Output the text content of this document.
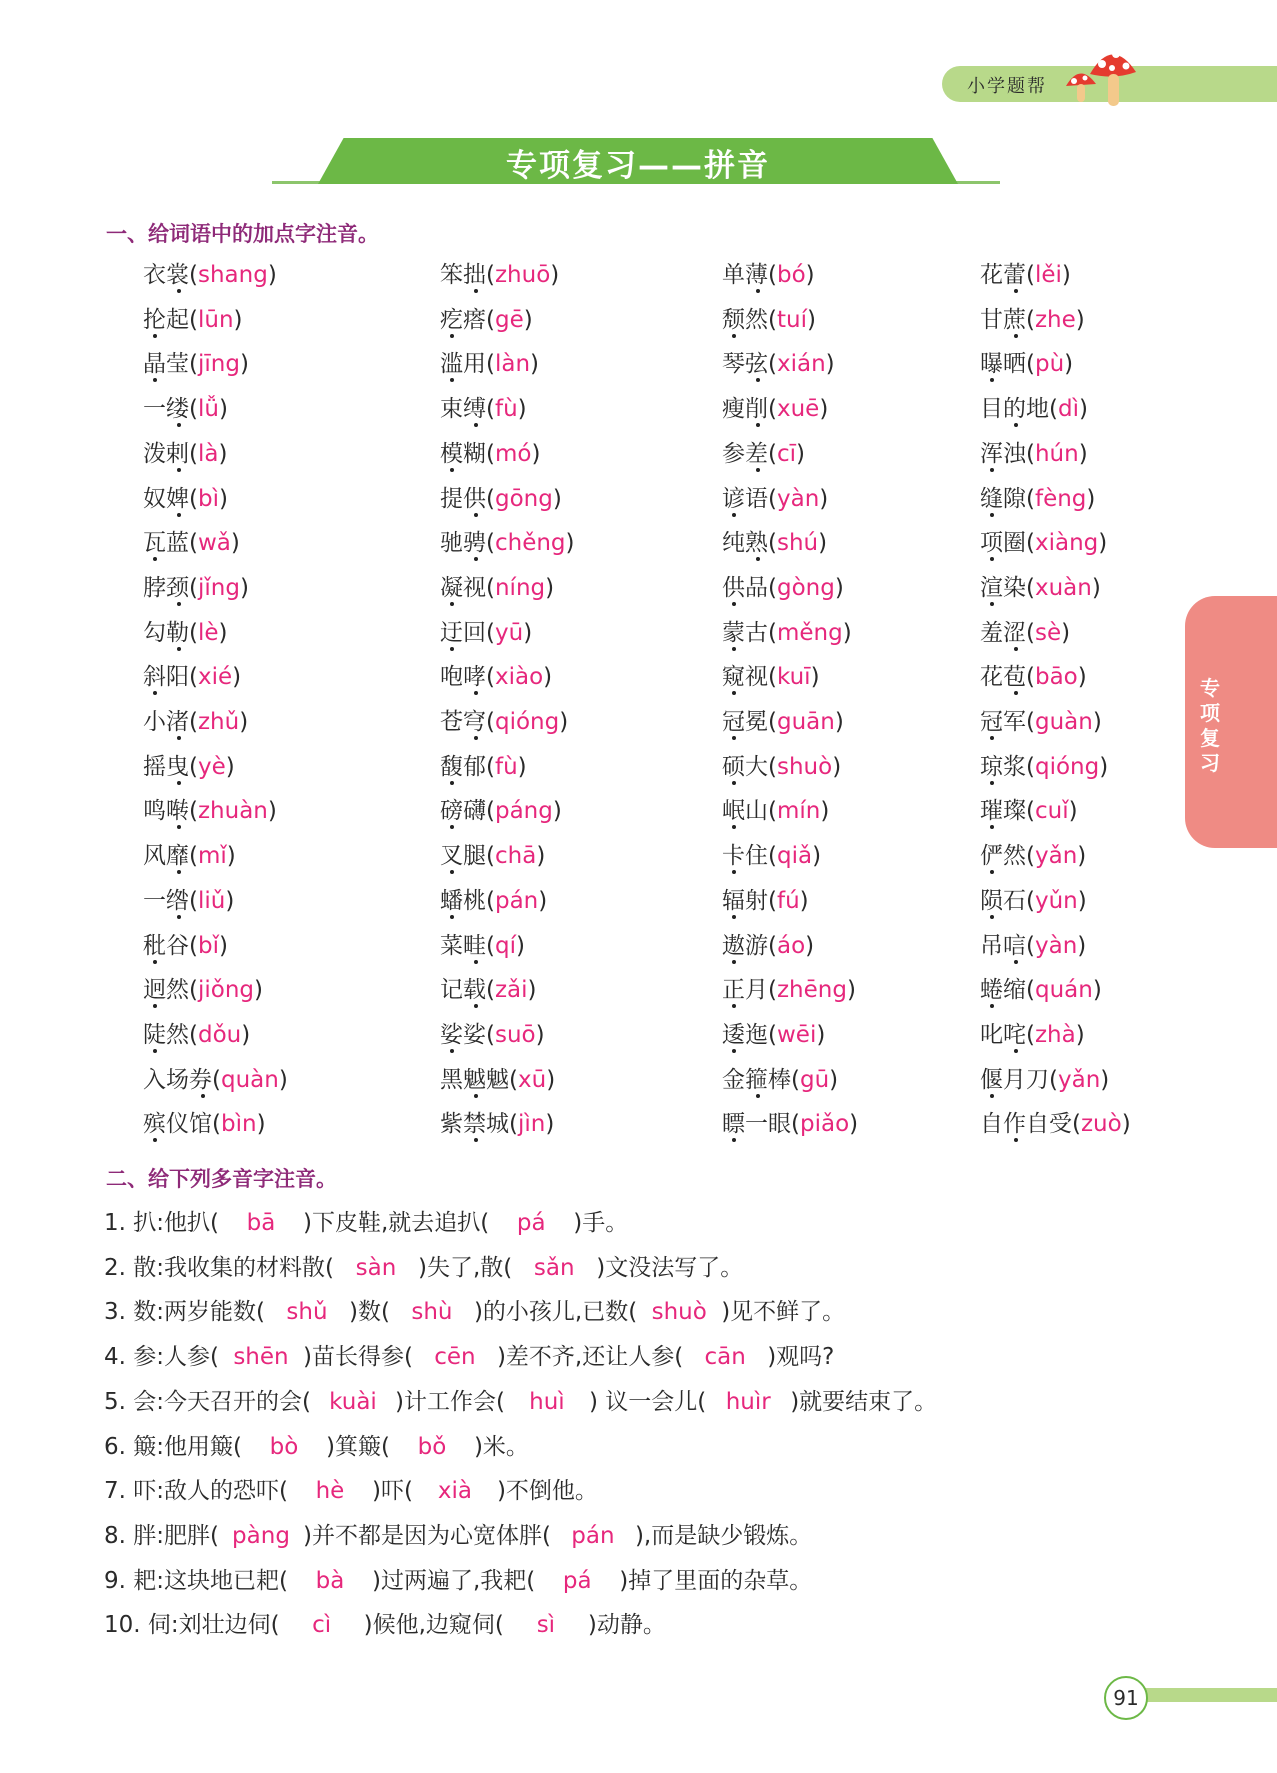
小学题帮
专项复习——拼音
专项复习
一、给词语中的加点字注音。
衣裳(shang)
抡起(lūn)
晶莹(jīng)
一缕(lǚ)
泼剌(là)
奴婢(bì)
瓦蓝(wǎ)
脖颈(jǐng)
勾勒(lè)
斜阳(xié)
小渚(zhǔ)
摇曳(yè)
鸣啭(zhuàn)
风靡(mǐ)
一绺(liǔ)
秕谷(bǐ)
迥然(jiǒng)
陡然(dǒu)
入场券(quàn)
殡仪馆(bìn)
笨拙(zhuō)
疙瘩(gē)
滥用(làn)
束缚(fù)
模糊(mó)
提供(gōng)
驰骋(chěng)
凝视(níng)
迂回(yū)
咆哮(xiào)
苍穹(qióng)
馥郁(fù)
磅礴(páng)
叉腿(chā)
蟠桃(pán)
菜畦(qí)
记载(zǎi)
娑娑(suō)
黑魆魆(xū)
紫禁城(jìn)
单薄(bó)
颓然(tuí)
琴弦(xián)
瘦削(xuē)
参差(cī)
谚语(yàn)
纯熟(shú)
供品(gòng)
蒙古(měng)
窥视(kuī)
冠冕(guān)
硕大(shuò)
岷山(mín)
卡住(qiǎ)
辐射(fú)
遨游(áo)
正月(zhēng)
逶迤(wēi)
金箍棒(gū)
瞟一眼(piǎo)
花蕾(lěi)
甘蔗(zhe)
曝晒(pù)
目的地(dì)
浑浊(hún)
缝隙(fèng)
项圈(xiàng)
渲染(xuàn)
羞涩(sè)
花苞(bāo)
冠军(guàn)
琼浆(qióng)
璀璨(cuǐ)
俨然(yǎn)
陨石(yǔn)
吊唁(yàn)
蜷缩(quán)
叱咤(zhà)
偃月刀(yǎn)
自作自受(zuò)
二、给下列多音字注音。
1. 扒:他扒( bā )下皮鞋,就去追扒( pá )手。
2. 散:我收集的材料散( sàn )失了,散( sǎn )文没法写了。
3. 数:两岁能数( shǔ )数( shù )的小孩儿,已数( shuò )见不鲜了。
4. 参:人参( shēn )苗长得参( cēn )差不齐,还让人参( cān )观吗?
5. 会:今天召开的会( kuài )计工作会( huì ) 议一会儿( huìr )就要结束了。
6. 簸:他用簸( bò )箕簸( bǒ )米。
7. 吓:敌人的恐吓( hè )吓( xià )不倒他。
8. 胖:肥胖( pàng )并不都是因为心宽体胖( pán ),而是缺少锻炼。
9. 耙:这块地已耙( bà )过两遍了,我耙( pá )掉了里面的杂草。
10. 伺:刘壮边伺( cì )候他,边窥伺( sì )动静。
91
